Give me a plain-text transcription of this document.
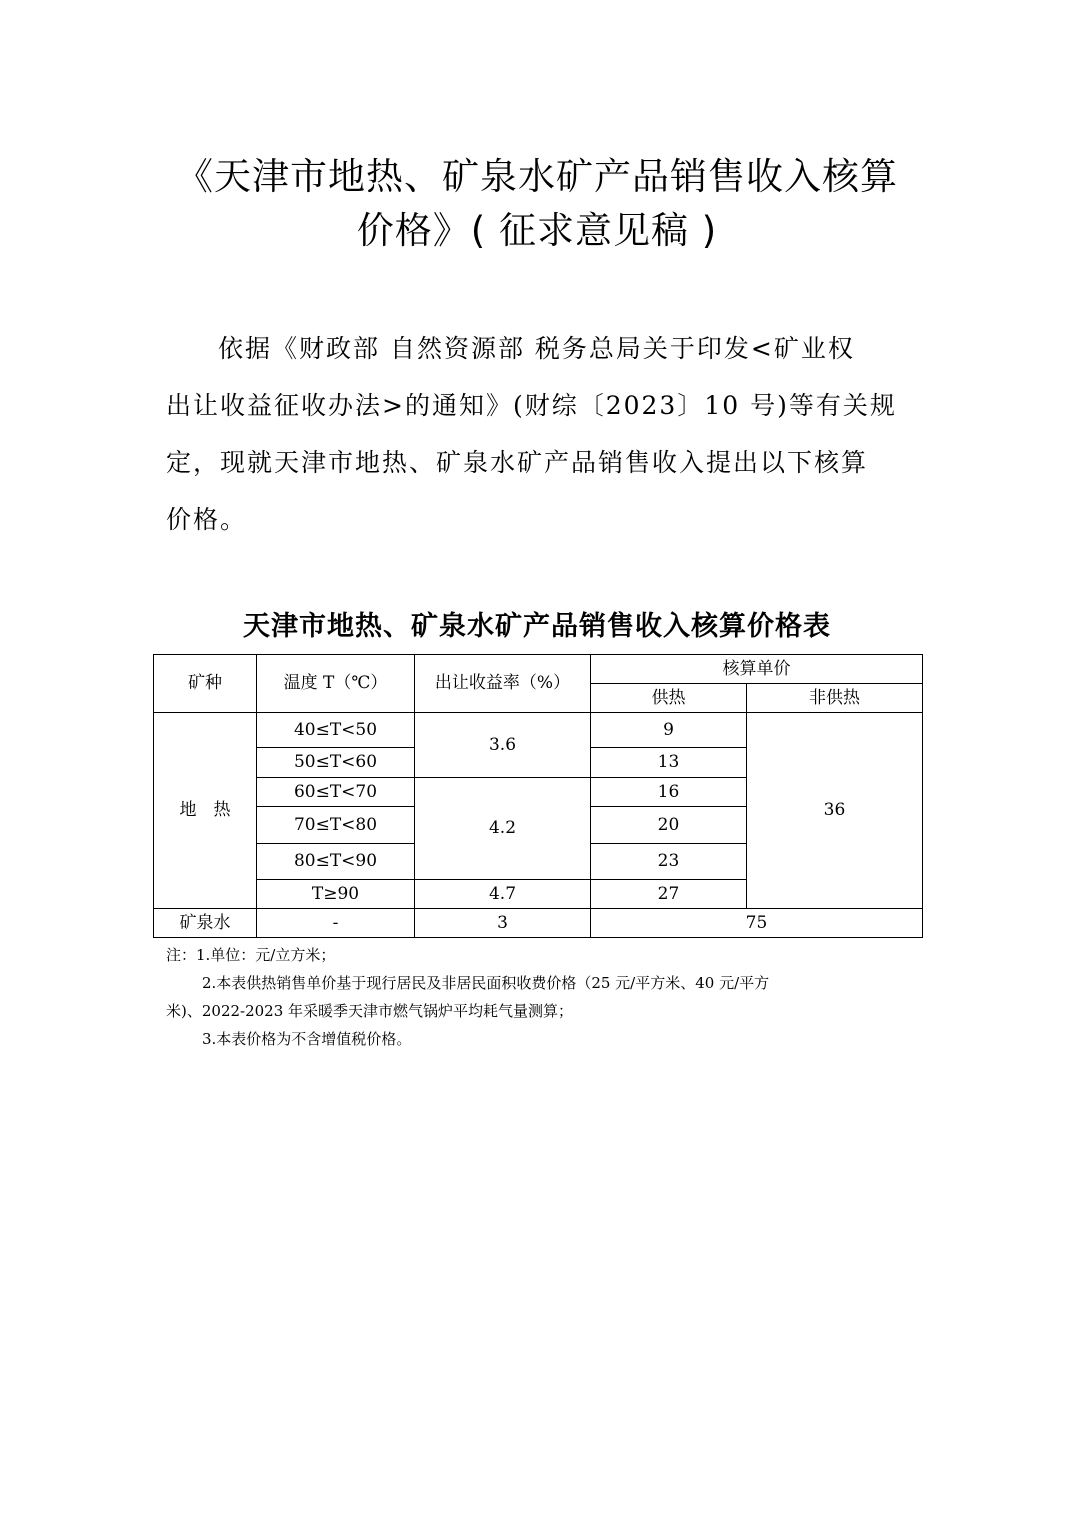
《天津市地热、矿泉水矿产品销售收入核算
价格》( 征求意见稿 )
依据《财政部 自然资源部 税务总局关于印发<矿业权
出让收益征收办法>的通知》(财综〔2023〕10 号)等有关规
定，现就天津市地热、矿泉水矿产品销售收入提出以下核算
价格。
天津市地热、矿泉水矿产品销售收入核算价格表
矿种	温度 T（℃）	出让收益率（%）	核算单价	
			供热	非供热
地　热	40≤T<50	3.6	9	36
	50≤T<60		13	
	60≤T<70	4.2	16	
	70≤T<80		20	
	80≤T<90		23	
	T≥90	4.7	27	
矿泉水	-	3	75	
注：1.单位：元/立方米；
2.本表供热销售单价基于现行居民及非居民面积收费价格（25 元/平方米、40 元/平方
米)、2022-2023 年采暖季天津市燃气锅炉平均耗气量测算；
3.本表价格为不含增值税价格。
